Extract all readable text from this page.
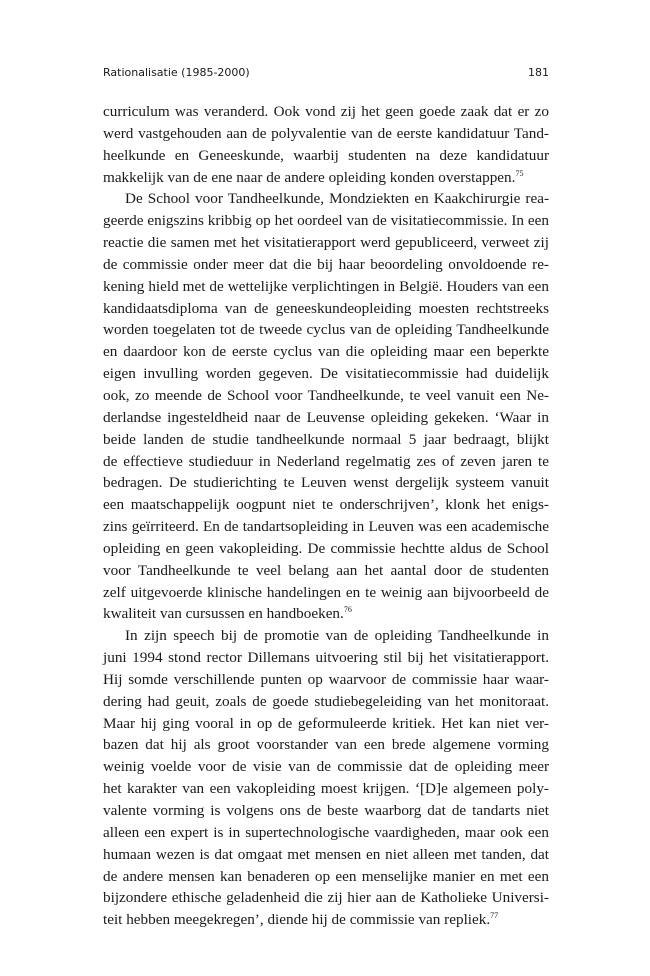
Rationalisatie (1985-2000)	181

curriculum was veranderd. Ook vond zij het geen goede zaak dat er zo
werd vastgehouden aan de polyvalentie van de eerste kandidatuur Tand-
heelkunde en Geneeskunde, waarbij studenten na deze kandidatuur
makkelijk van de ene naar de andere opleiding konden overstappen.$^{75}$

De School voor Tandheelkunde, Mondziekten en Kaakchirurgie rea-
geerde enigszins kribbig op het oordeel van de visitatiecommissie. In een
reactie die samen met het visitatierapport werd gepubliceerd, verweet zij
de commissie onder meer dat die bij haar beoordeling onvoldoende re-
kening hield met de wettelijke verplichtingen in België. Houders van een
kandidaatsdiploma van de geneeskundeopleiding moesten rechtstreeks
worden toegelaten tot de tweede cyclus van de opleiding Tandheelkunde
en daardoor kon de eerste cyclus van die opleiding maar een beperkte
eigen invulling worden gegeven. De visitatiecommissie had duidelijk
ook, zo meende de School voor Tandheelkunde, te veel vanuit een Ne-
derlandse ingesteldheid naar de Leuvense opleiding gekeken. ‘Waar in
beide landen de studie tandheelkunde normaal 5 jaar bedraagt, blijkt
de effectieve studieduur in Nederland regelmatig zes of zeven jaren te
bedragen. De studierichting te Leuven wenst dergelijk systeem vanuit
een maatschappelijk oogpunt niet te onderschrijven’, klonk het enigs-
zins geïrriteerd. En de tandartsopleiding in Leuven was een academische
opleiding en geen vakopleiding. De commissie hechtte aldus de School
voor Tandheelkunde te veel belang aan het aantal door de studenten
zelf uitgevoerde klinische handelingen en te weinig aan bijvoorbeeld de
kwaliteit van cursussen en handboeken.$^{76}$

In zijn speech bij de promotie van de opleiding Tandheelkunde in
juni 1994 stond rector Dillemans uitvoering stil bij het visitatierapport.
Hij somde verschillende punten op waarvoor de commissie haar waar-
dering had geuit, zoals de goede studiebegeleiding van het monitoraat.
Maar hij ging vooral in op de geformuleerde kritiek. Het kan niet ver-
bazen dat hij als groot voorstander van een brede algemene vorming
weinig voelde voor de visie van de commissie dat de opleiding meer
het karakter van een vakopleiding moest krijgen. ‘[D]e algemeen poly-
valente vorming is volgens ons de beste waarborg dat de tandarts niet
alleen een expert is in supertechnologische vaardigheden, maar ook een
humaan wezen is dat omgaat met mensen en niet alleen met tanden, dat
de andere mensen kan benaderen op een menselijke manier en met een
bijzondere ethische geladenheid die zij hier aan de Katholieke Universi-
teit hebben meegekregen’, diende hij de commissie van repliek.$^{77}$
